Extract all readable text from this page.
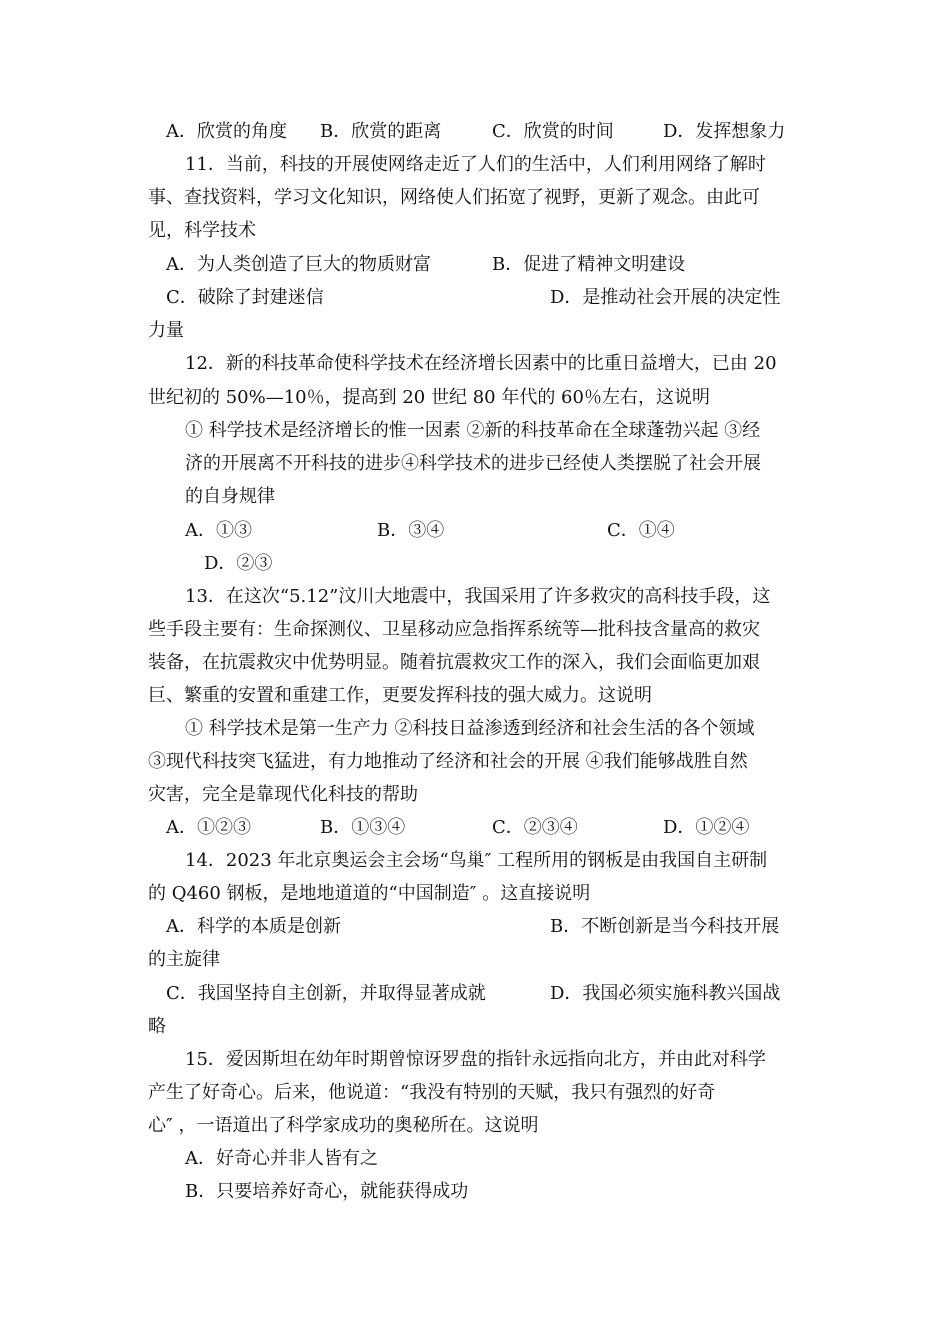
A．欣赏的角度 B．欣赏的距离	C．欣赏的时间	D．发挥想象力
11．当前，科技的开展使网络走近了人们的生活中，人们利用网络了解时
事、查找资料，学习文化知识，网络使人们拓宽了视野，更新了观念。由此可
见，科学技术
A．为人类创造了巨大的物质财富	B．促进了精神文明建设
C．破除了封建迷信	D．是推动社会开展的决定性
力量
12．新的科技革命使科学技术在经济增长因素中的比重日益增大，已由 20
世纪初的 50%—10％，提高到 20 世纪 80 年代的 60％左右，这说明
① 科学技术是经济增长的惟一因素 ②新的科技革命在全球蓬勃兴起 ③经
济的开展离不开科技的进步④科学技术的进步已经使人类摆脱了社会开展
的自身规律
A．①③	B．③④	C．①④
D．②③
13．在这次“5.12”汶川大地震中，我国采用了许多救灾的高科技手段，这
些手段主要有：生命探测仪、卫星移动应急指挥系统等—批科技含量高的救灾
装备，在抗震救灾中优势明显。随着抗震救灾工作的深入，我们会面临更加艰
巨、繁重的安置和重建工作，更要发挥科技的强大威力。这说明
① 科学技术是第一生产力 ②科技日益渗透到经济和社会生活的各个领域
③现代科技突飞猛进，有力地推动了经济和社会的开展 ④我们能够战胜自然
灾害，完全是靠现代化科技的帮助
A．①②③	B．①③④	C．②③④	D．①②④
14．2023 年北京奥运会主会场“鸟巢″ 工程所用的钢板是由我国自主研制
的 Q460 钢板，是地地道道的“中国制造″ 。这直接说明
A．科学的本质是创新	B．不断创新是当今科技开展
的主旋律
C．我国坚持自主创新，并取得显著成就	D．我国必须实施科教兴国战
略
15．爱因斯坦在幼年时期曾惊讶罗盘的指针永远指向北方，并由此对科学
产生了好奇心。后来，他说道：“我没有特别的天赋，我只有强烈的好奇
心″ ，一语道出了科学家成功的奥秘所在。这说明
A．好奇心并非人皆有之
B．只要培养好奇心，就能获得成功
